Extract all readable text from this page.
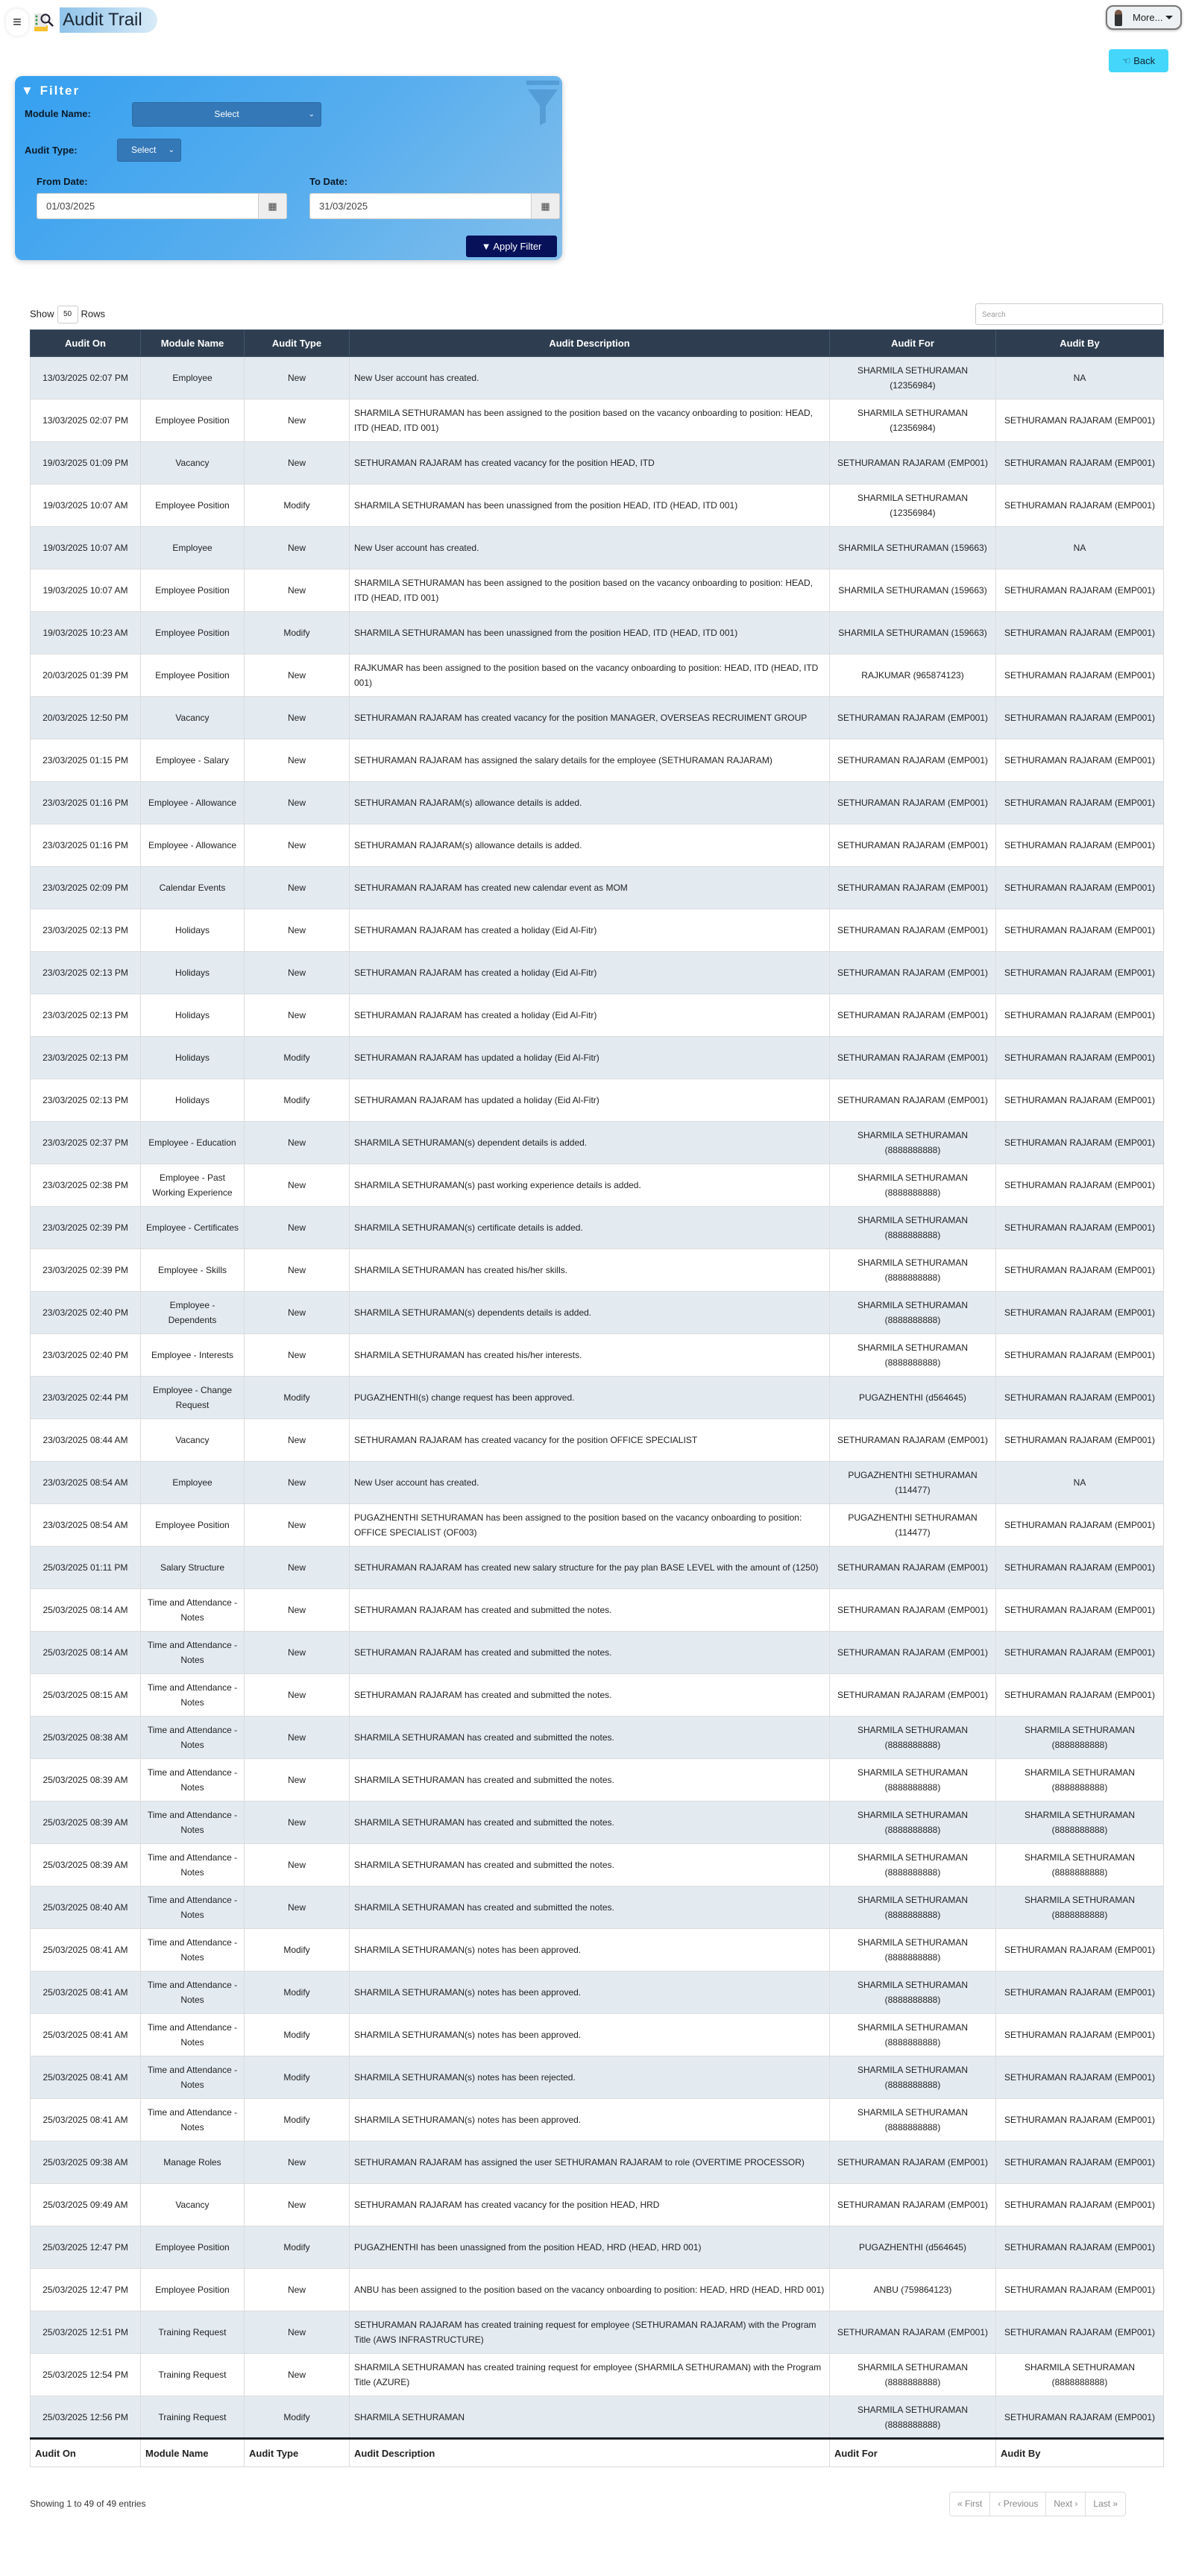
≡	Audit Trail	More...
☜ Back
▼ Filter
Module Name:	Select	⌄
Audit Type:	Select ⌄
From Date:
01/03/2025	▦
To Date:
31/03/2025	▦
▼ Apply Filter
Show 50 Rows	Search
Audit On	Module Name	Audit Type	Audit Description	Audit For	Audit By
13/03/2025 02:07 PM	Employee	New	New User account has created.	SHARMILA SETHURAMAN (12356984)	NA
13/03/2025 02:07 PM	Employee Position	New	SHARMILA SETHURAMAN has been assigned to the position based on the vacancy onboarding to position: HEAD, ITD (HEAD, ITD 001)	SHARMILA SETHURAMAN (12356984)	SETHURAMAN RAJARAM (EMP001)
19/03/2025 01:09 PM	Vacancy	New	SETHURAMAN RAJARAM has created vacancy for the position HEAD, ITD	SETHURAMAN RAJARAM (EMP001)	SETHURAMAN RAJARAM (EMP001)
19/03/2025 10:07 AM	Employee Position	Modify	SHARMILA SETHURAMAN has been unassigned from the position HEAD, ITD (HEAD, ITD 001)	SHARMILA SETHURAMAN (12356984)	SETHURAMAN RAJARAM (EMP001)
19/03/2025 10:07 AM	Employee	New	New User account has created.	SHARMILA SETHURAMAN (159663)	NA
19/03/2025 10:07 AM	Employee Position	New	SHARMILA SETHURAMAN has been assigned to the position based on the vacancy onboarding to position: HEAD, ITD (HEAD, ITD 001)	SHARMILA SETHURAMAN (159663)	SETHURAMAN RAJARAM (EMP001)
19/03/2025 10:23 AM	Employee Position	Modify	SHARMILA SETHURAMAN has been unassigned from the position HEAD, ITD (HEAD, ITD 001)	SHARMILA SETHURAMAN (159663)	SETHURAMAN RAJARAM (EMP001)
20/03/2025 01:39 PM	Employee Position	New	RAJKUMAR has been assigned to the position based on the vacancy onboarding to position: HEAD, ITD (HEAD, ITD 001)	RAJKUMAR (965874123)	SETHURAMAN RAJARAM (EMP001)
20/03/2025 12:50 PM	Vacancy	New	SETHURAMAN RAJARAM has created vacancy for the position MANAGER, OVERSEAS RECRUIMENT GROUP	SETHURAMAN RAJARAM (EMP001)	SETHURAMAN RAJARAM (EMP001)
23/03/2025 01:15 PM	Employee - Salary	New	SETHURAMAN RAJARAM has assigned the salary details for the employee (SETHURAMAN RAJARAM)	SETHURAMAN RAJARAM (EMP001)	SETHURAMAN RAJARAM (EMP001)
23/03/2025 01:16 PM	Employee - Allowance	New	SETHURAMAN RAJARAM(s) allowance details is added.	SETHURAMAN RAJARAM (EMP001)	SETHURAMAN RAJARAM (EMP001)
23/03/2025 01:16 PM	Employee - Allowance	New	SETHURAMAN RAJARAM(s) allowance details is added.	SETHURAMAN RAJARAM (EMP001)	SETHURAMAN RAJARAM (EMP001)
23/03/2025 02:09 PM	Calendar Events	New	SETHURAMAN RAJARAM has created new calendar event as MOM	SETHURAMAN RAJARAM (EMP001)	SETHURAMAN RAJARAM (EMP001)
23/03/2025 02:13 PM	Holidays	New	SETHURAMAN RAJARAM has created a holiday (Eid Al-Fitr)	SETHURAMAN RAJARAM (EMP001)	SETHURAMAN RAJARAM (EMP001)
23/03/2025 02:13 PM	Holidays	New	SETHURAMAN RAJARAM has created a holiday (Eid Al-Fitr)	SETHURAMAN RAJARAM (EMP001)	SETHURAMAN RAJARAM (EMP001)
23/03/2025 02:13 PM	Holidays	New	SETHURAMAN RAJARAM has created a holiday (Eid Al-Fitr)	SETHURAMAN RAJARAM (EMP001)	SETHURAMAN RAJARAM (EMP001)
23/03/2025 02:13 PM	Holidays	Modify	SETHURAMAN RAJARAM has updated a holiday (Eid Al-Fitr)	SETHURAMAN RAJARAM (EMP001)	SETHURAMAN RAJARAM (EMP001)
23/03/2025 02:13 PM	Holidays	Modify	SETHURAMAN RAJARAM has updated a holiday (Eid Al-Fitr)	SETHURAMAN RAJARAM (EMP001)	SETHURAMAN RAJARAM (EMP001)
23/03/2025 02:37 PM	Employee - Education	New	SHARMILA SETHURAMAN(s) dependent details is added.	SHARMILA SETHURAMAN (8888888888)	SETHURAMAN RAJARAM (EMP001)
23/03/2025 02:38 PM	Employee - Past Working Experience	New	SHARMILA SETHURAMAN(s) past working experience details is added.	SHARMILA SETHURAMAN (8888888888)	SETHURAMAN RAJARAM (EMP001)
23/03/2025 02:39 PM	Employee - Certificates	New	SHARMILA SETHURAMAN(s) certificate details is added.	SHARMILA SETHURAMAN (8888888888)	SETHURAMAN RAJARAM (EMP001)
23/03/2025 02:39 PM	Employee - Skills	New	SHARMILA SETHURAMAN has created his/her skills.	SHARMILA SETHURAMAN (8888888888)	SETHURAMAN RAJARAM (EMP001)
23/03/2025 02:40 PM	Employee - Dependents	New	SHARMILA SETHURAMAN(s) dependents details is added.	SHARMILA SETHURAMAN (8888888888)	SETHURAMAN RAJARAM (EMP001)
23/03/2025 02:40 PM	Employee - Interests	New	SHARMILA SETHURAMAN has created his/her interests.	SHARMILA SETHURAMAN (8888888888)	SETHURAMAN RAJARAM (EMP001)
23/03/2025 02:44 PM	Employee - Change Request	Modify	PUGAZHENTHI(s) change request has been approved.	PUGAZHENTHI (d564645)	SETHURAMAN RAJARAM (EMP001)
23/03/2025 08:44 AM	Vacancy	New	SETHURAMAN RAJARAM has created vacancy for the position OFFICE SPECIALIST	SETHURAMAN RAJARAM (EMP001)	SETHURAMAN RAJARAM (EMP001)
23/03/2025 08:54 AM	Employee	New	New User account has created.	PUGAZHENTHI SETHURAMAN (114477)	NA
23/03/2025 08:54 AM	Employee Position	New	PUGAZHENTHI SETHURAMAN has been assigned to the position based on the vacancy onboarding to position: OFFICE SPECIALIST (OF003)	PUGAZHENTHI SETHURAMAN (114477)	SETHURAMAN RAJARAM (EMP001)
25/03/2025 01:11 PM	Salary Structure	New	SETHURAMAN RAJARAM has created new salary structure for the pay plan BASE LEVEL with the amount of (1250)	SETHURAMAN RAJARAM (EMP001)	SETHURAMAN RAJARAM (EMP001)
25/03/2025 08:14 AM	Time and Attendance - Notes	New	SETHURAMAN RAJARAM has created and submitted the notes.	SETHURAMAN RAJARAM (EMP001)	SETHURAMAN RAJARAM (EMP001)
25/03/2025 08:14 AM	Time and Attendance - Notes	New	SETHURAMAN RAJARAM has created and submitted the notes.	SETHURAMAN RAJARAM (EMP001)	SETHURAMAN RAJARAM (EMP001)
25/03/2025 08:15 AM	Time and Attendance - Notes	New	SETHURAMAN RAJARAM has created and submitted the notes.	SETHURAMAN RAJARAM (EMP001)	SETHURAMAN RAJARAM (EMP001)
25/03/2025 08:38 AM	Time and Attendance - Notes	New	SHARMILA SETHURAMAN has created and submitted the notes.	SHARMILA SETHURAMAN (8888888888)	SHARMILA SETHURAMAN (8888888888)
25/03/2025 08:39 AM	Time and Attendance - Notes	New	SHARMILA SETHURAMAN has created and submitted the notes.	SHARMILA SETHURAMAN (8888888888)	SHARMILA SETHURAMAN (8888888888)
25/03/2025 08:39 AM	Time and Attendance - Notes	New	SHARMILA SETHURAMAN has created and submitted the notes.	SHARMILA SETHURAMAN (8888888888)	SHARMILA SETHURAMAN (8888888888)
25/03/2025 08:39 AM	Time and Attendance - Notes	New	SHARMILA SETHURAMAN has created and submitted the notes.	SHARMILA SETHURAMAN (8888888888)	SHARMILA SETHURAMAN (8888888888)
25/03/2025 08:40 AM	Time and Attendance - Notes	New	SHARMILA SETHURAMAN has created and submitted the notes.	SHARMILA SETHURAMAN (8888888888)	SHARMILA SETHURAMAN (8888888888)
25/03/2025 08:41 AM	Time and Attendance - Notes	Modify	SHARMILA SETHURAMAN(s) notes has been approved.	SHARMILA SETHURAMAN (8888888888)	SETHURAMAN RAJARAM (EMP001)
25/03/2025 08:41 AM	Time and Attendance - Notes	Modify	SHARMILA SETHURAMAN(s) notes has been approved.	SHARMILA SETHURAMAN (8888888888)	SETHURAMAN RAJARAM (EMP001)
25/03/2025 08:41 AM	Time and Attendance - Notes	Modify	SHARMILA SETHURAMAN(s) notes has been approved.	SHARMILA SETHURAMAN (8888888888)	SETHURAMAN RAJARAM (EMP001)
25/03/2025 08:41 AM	Time and Attendance - Notes	Modify	SHARMILA SETHURAMAN(s) notes has been rejected.	SHARMILA SETHURAMAN (8888888888)	SETHURAMAN RAJARAM (EMP001)
25/03/2025 08:41 AM	Time and Attendance - Notes	Modify	SHARMILA SETHURAMAN(s) notes has been approved.	SHARMILA SETHURAMAN (8888888888)	SETHURAMAN RAJARAM (EMP001)
25/03/2025 09:38 AM	Manage Roles	New	SETHURAMAN RAJARAM has assigned the user SETHURAMAN RAJARAM to role (OVERTIME PROCESSOR)	SETHURAMAN RAJARAM (EMP001)	SETHURAMAN RAJARAM (EMP001)
25/03/2025 09:49 AM	Vacancy	New	SETHURAMAN RAJARAM has created vacancy for the position HEAD, HRD	SETHURAMAN RAJARAM (EMP001)	SETHURAMAN RAJARAM (EMP001)
25/03/2025 12:47 PM	Employee Position	Modify	PUGAZHENTHI has been unassigned from the position HEAD, HRD (HEAD, HRD 001)	PUGAZHENTHI (d564645)	SETHURAMAN RAJARAM (EMP001)
25/03/2025 12:47 PM	Employee Position	New	ANBU has been assigned to the position based on the vacancy onboarding to position: HEAD, HRD (HEAD, HRD 001)	ANBU (759864123)	SETHURAMAN RAJARAM (EMP001)
25/03/2025 12:51 PM	Training Request	New	SETHURAMAN RAJARAM has created training request for employee (SETHURAMAN RAJARAM) with the Program Title (AWS INFRASTRUCTURE)	SETHURAMAN RAJARAM (EMP001)	SETHURAMAN RAJARAM (EMP001)
25/03/2025 12:54 PM	Training Request	New	SHARMILA SETHURAMAN has created training request for employee (SHARMILA SETHURAMAN) with the Program Title (AZURE)	SHARMILA SETHURAMAN (8888888888)	SHARMILA SETHURAMAN (8888888888)
25/03/2025 12:56 PM	Training Request	Modify	SHARMILA SETHURAMAN	SHARMILA SETHURAMAN (8888888888)	SETHURAMAN RAJARAM (EMP001)
Audit On	Module Name	Audit Type	Audit Description	Audit For	Audit By
Showing 1 to 49 of 49 entries	« First	‹ Previous	Next ›	Last »
